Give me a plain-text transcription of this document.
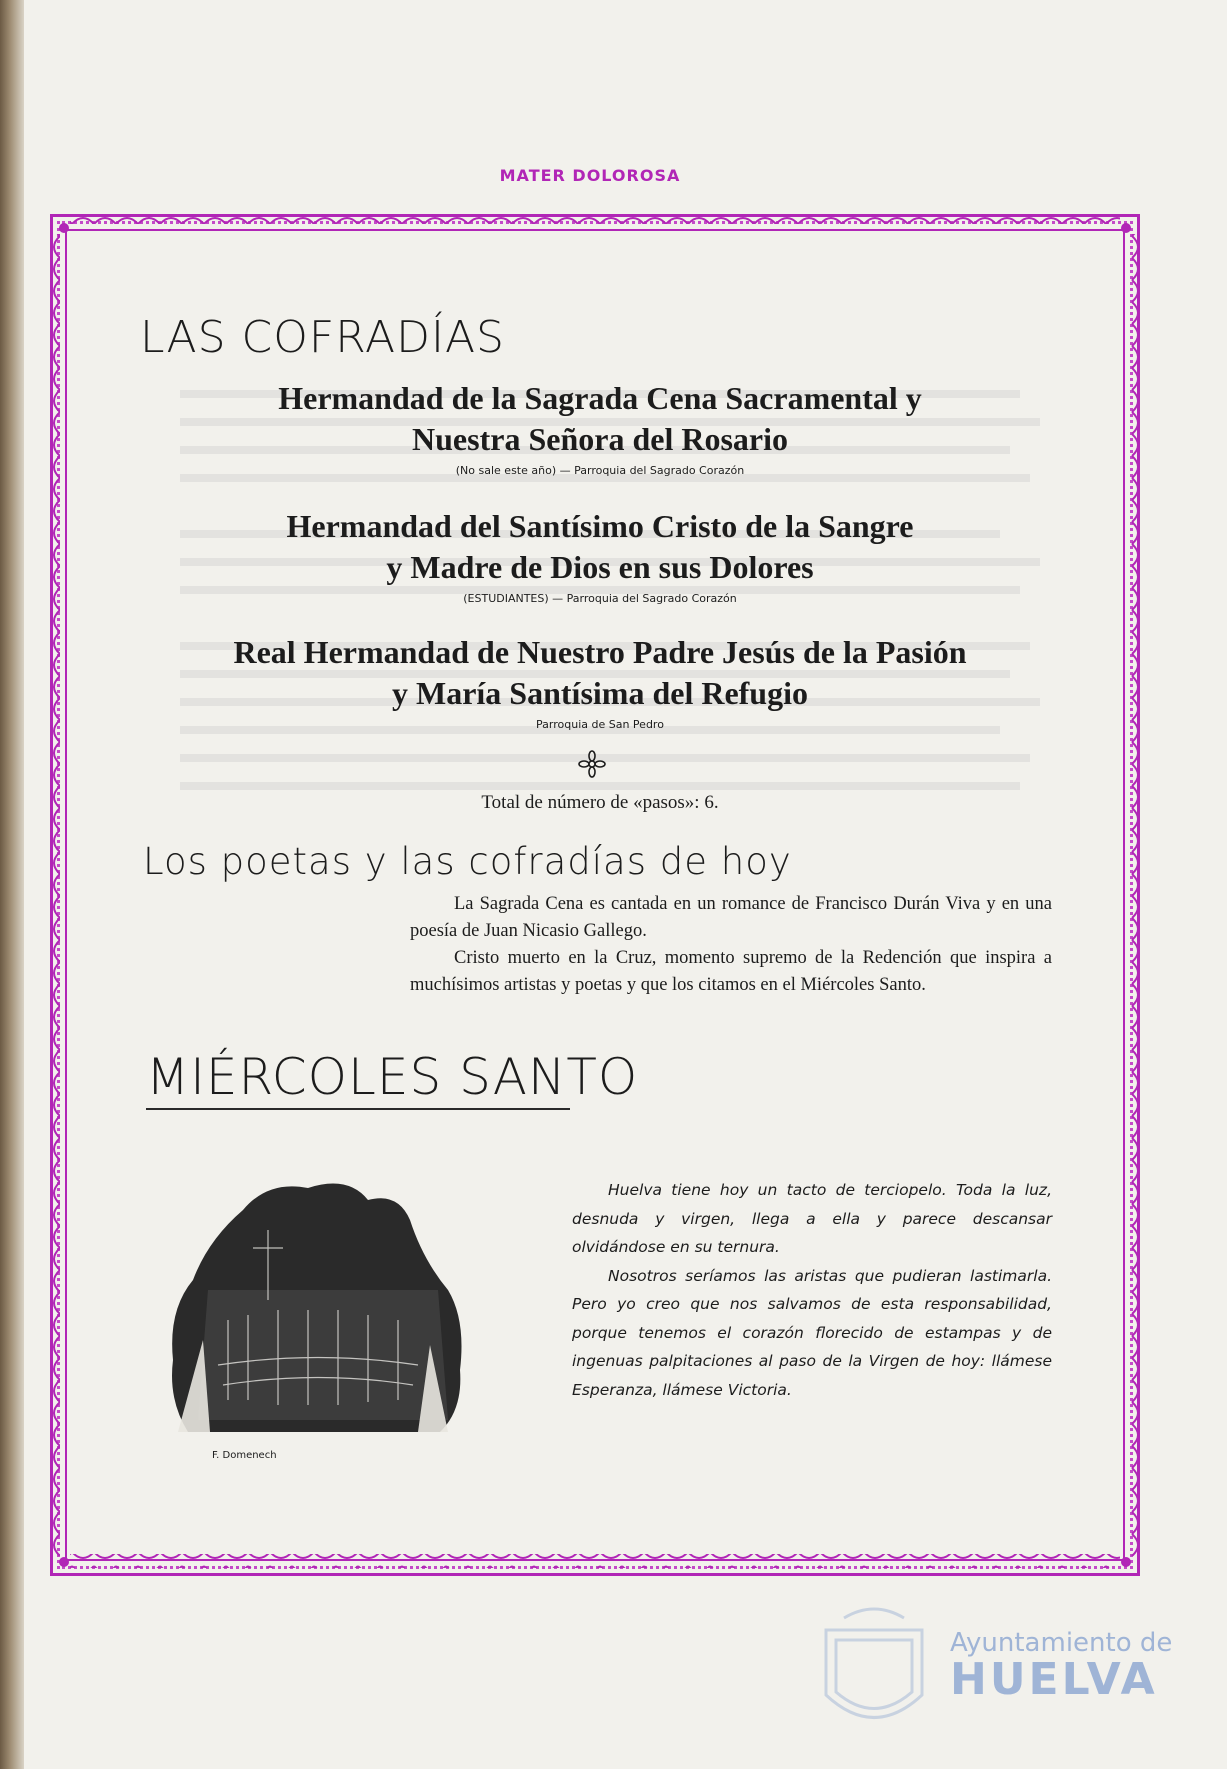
MATER DOLOROSA
LAS COFRADÍAS
Hermandad de la Sagrada Cena Sacramental y
Nuestra Señora del Rosario
(No sale este año) — Parroquia del Sagrado Corazón
Hermandad del Santísimo Cristo de la Sangre
y Madre de Dios en sus Dolores
(ESTUDIANTES) — Parroquia del Sagrado Corazón
Real Hermandad de Nuestro Padre Jesús de la Pasión
y María Santísima del Refugio
Parroquia de San Pedro
Total de número de «pasos»: 6.
Los poetas y las cofradías de hoy

La Sagrada Cena es cantada en un romance de Francisco Durán Viva y en una poesía de Juan Nicasio Gallego.

Cristo muerto en la Cruz, momento supremo de la Redención que inspira a muchísimos artistas y poetas y que los citamos en el Miércoles Santo.

MIÉRCOLES SANTO
F. Domenech

Huelva tiene hoy un tacto de terciopelo. Toda la luz, desnuda y virgen, llega a ella y parece descansar olvidándose en su ternura.

Nosotros seríamos las aristas que pudieran lastimarla. Pero yo creo que nos salvamos de esta responsabilidad, porque tenemos el corazón florecido de estampas y de ingenuas palpitaciones al paso de la Virgen de hoy: llámese Esperanza, llámese Victoria.

Ayuntamiento de
HUELVA
